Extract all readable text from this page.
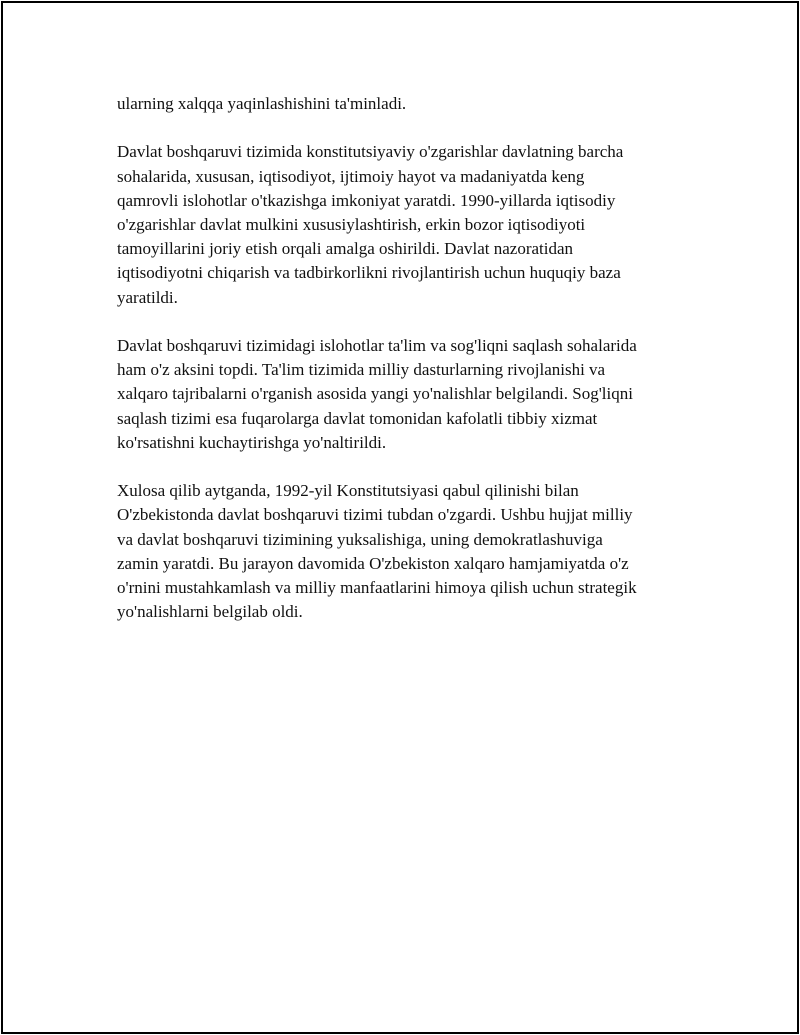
ularning xalqqa yaqinlashishini ta'minladi.

Davlat boshqaruvi tizimida konstitutsiyaviy o'zgarishlar davlatning barcha
sohalarida, xususan, iqtisodiyot, ijtimoiy hayot va madaniyatda keng
qamrovli islohotlar o'tkazishga imkoniyat yaratdi. 1990-yillarda iqtisodiy
o'zgarishlar davlat mulkini xususiylashtirish, erkin bozor iqtisodiyoti
tamoyillarini joriy etish orqali amalga oshirildi. Davlat nazoratidan
iqtisodiyotni chiqarish va tadbirkorlikni rivojlantirish uchun huquqiy baza
yaratildi.

Davlat boshqaruvi tizimidagi islohotlar ta'lim va sog'liqni saqlash sohalarida
ham o'z aksini topdi. Ta'lim tizimida milliy dasturlarning rivojlanishi va
xalqaro tajribalarni o'rganish asosida yangi yo'nalishlar belgilandi. Sog'liqni
saqlash tizimi esa fuqarolarga davlat tomonidan kafolatli tibbiy xizmat
ko'rsatishni kuchaytirishga yo'naltirildi.

Xulosa qilib aytganda, 1992-yil Konstitutsiyasi qabul qilinishi bilan
O'zbekistonda davlat boshqaruvi tizimi tubdan o'zgardi. Ushbu hujjat milliy
va davlat boshqaruvi tizimining yuksalishiga, uning demokratlashuviga
zamin yaratdi. Bu jarayon davomida O'zbekiston xalqaro hamjamiyatda o'z
o'rnini mustahkamlash va milliy manfaatlarini himoya qilish uchun strategik
yo'nalishlarni belgilab oldi.
